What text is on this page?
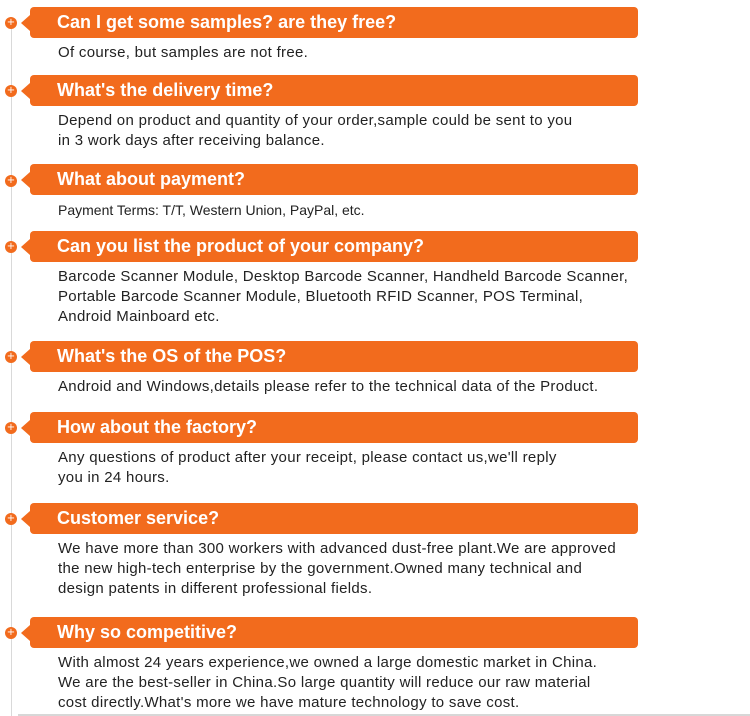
+ Can I get some samples? are they free?

Of course, but samples are not free.

+ What's the delivery time?

Depend on product and quantity of your order,sample could be sent to you
in 3 work days after receiving balance.

+ What about payment?

Payment Terms: T/T, Western Union, PayPal, etc.

+ Can you list the product of your company?

Barcode Scanner Module, Desktop Barcode Scanner, Handheld Barcode Scanner,
Portable Barcode Scanner Module, Bluetooth RFID Scanner, POS Terminal,
Android Mainboard etc.

+ What's the OS of the POS?

Android and Windows,details please refer to the technical data of the Product.

+ How about the factory?

Any questions of product after your receipt, please contact us,we'll reply
you in 24 hours.

+ Customer service?

We have more than 300 workers with advanced dust-free plant.We are approved
the new high-tech enterprise by the government.Owned many technical and
design patents in different professional fields.

+ Why so competitive?

With almost 24 years experience,we owned a large domestic market in China.
We are the best-seller in China.So large quantity will reduce our raw material
cost directly.What's more we have mature technology to save cost.
